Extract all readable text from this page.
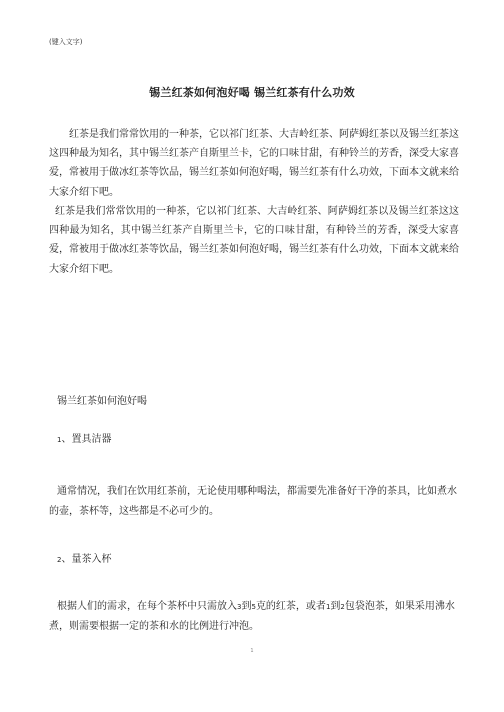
(键入文字)
锡兰红茶如何泡好喝 锡兰红茶有什么功效
红茶是我们常常饮用的一种茶，它以祁门红茶、大吉岭红茶、阿萨姆红茶以及锡兰红茶这这四种最为知名，其中锡兰红茶产自斯里兰卡，它的口味甘甜，有种铃兰的芳香，深受大家喜爱，常被用于做冰红茶等饮品，锡兰红茶如何泡好喝，锡兰红茶有什么功效，下面本文就来给大家介绍下吧。
红茶是我们常常饮用的一种茶，它以祁门红茶、大吉岭红茶、阿萨姆红茶以及锡兰红茶这这四种最为知名，其中锡兰红茶产自斯里兰卡，它的口味甘甜，有种铃兰的芳香，深受大家喜爱，常被用于做冰红茶等饮品，锡兰红茶如何泡好喝，锡兰红茶有什么功效，下面本文就来给大家介绍下吧。
锡兰红茶如何泡好喝
1、置具洁器
通常情况，我们在饮用红茶前，无论使用哪种喝法，都需要先准备好干净的茶具，比如煮水的壶，茶杯等，这些都是不必可少的。
2、量茶入杯
根据人们的需求，在每个茶杯中只需放入3到5克的红茶，或者1到2包袋泡茶，如果采用沸水煮，则需要根据一定的茶和水的比例进行冲泡。
1
